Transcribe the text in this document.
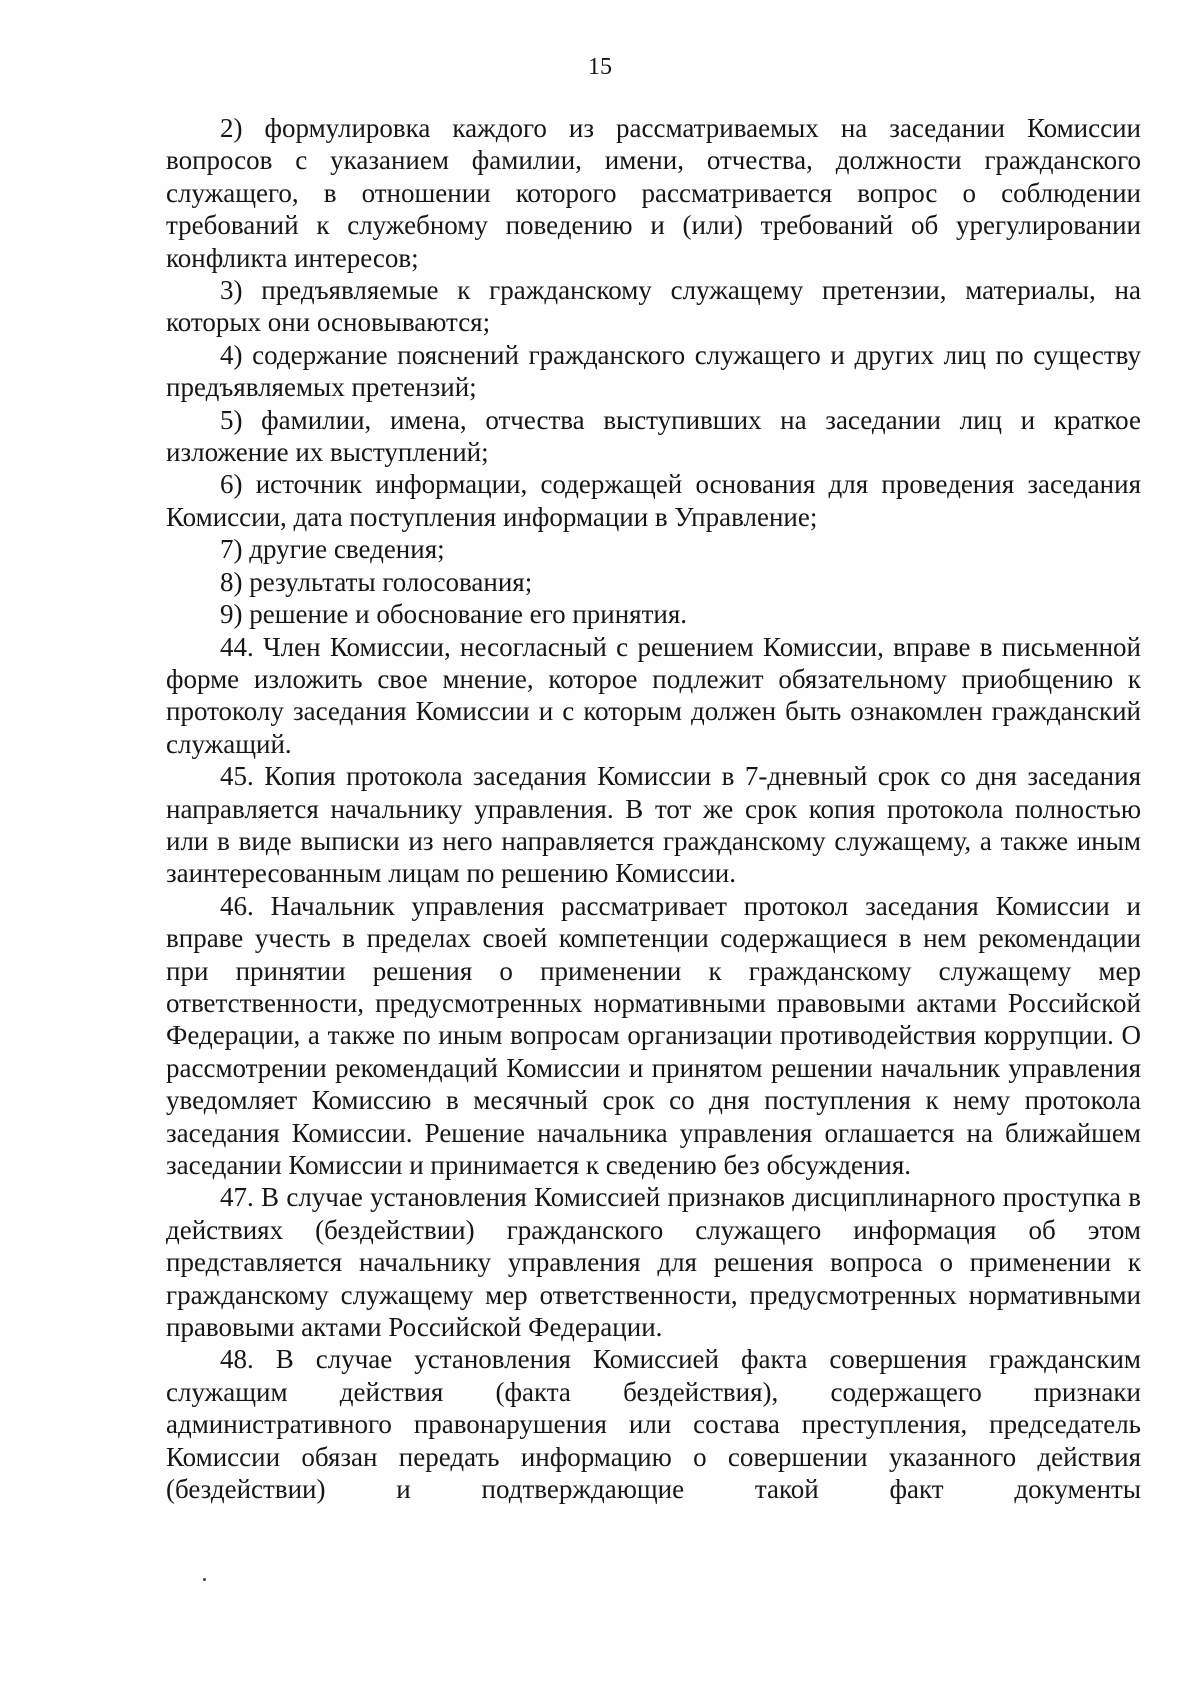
15

2) формулировка каждого из рассматриваемых на заседании Комиссии вопросов с указанием фамилии, имени, отчества, должности гражданского служащего, в отношении которого рассматривается вопрос о соблюдении требований к служебному поведению и (или) требований об урегулировании конфликта интересов;

3) предъявляемые к гражданскому служащему претензии, материалы, на которых они основываются;

4) содержание пояснений гражданского служащего и других лиц по существу предъявляемых претензий;

5) фамилии, имена, отчества выступивших на заседании лиц и краткое изложение их выступлений;

6) источник информации, содержащей основания для проведения заседания Комиссии, дата поступления информации в Управление;

7) другие сведения;

8) результаты голосования;

9) решение и обоснование его принятия.

44. Член Комиссии, несогласный с решением Комиссии, вправе в письменной форме изложить свое мнение, которое подлежит обязательному приобщению к протоколу заседания Комиссии и с которым должен быть ознакомлен гражданский служащий.

45. Копия протокола заседания Комиссии в 7-дневный срок со дня заседания направляется начальнику управления. В тот же срок копия протокола полностью или в виде выписки из него направляется гражданскому служащему, а также иным заинтересованным лицам по решению Комиссии.

46. Начальник управления рассматривает протокол заседания Комиссии и вправе учесть в пределах своей компетенции содержащиеся в нем рекомендации при принятии решения о применении к гражданскому служащему мер ответственности, предусмотренных нормативными правовыми актами Российской Федерации, а также по иным вопросам организации противодействия коррупции. О рассмотрении рекомендаций Комиссии и принятом решении начальник управления уведомляет Комиссию в месячный срок со дня поступления к нему протокола заседания Комиссии. Решение начальника управления оглашается на ближайшем заседании Комиссии и принимается к сведению без обсуждения.

47. В случае установления Комиссией признаков дисциплинарного проступка в действиях (бездействии) гражданского служащего информация об этом представляется начальнику управления для решения вопроса о применении к гражданскому служащему мер ответственности, предусмотренных нормативными правовыми актами Российской Федерации.

48. В случае установления Комиссией факта совершения гражданским служащим действия (факта бездействия), содержащего признаки административного правонарушения или состава преступления, председатель Комиссии обязан передать информацию о совершении указанного действия (бездействии) и подтверждающие такой факт документы
